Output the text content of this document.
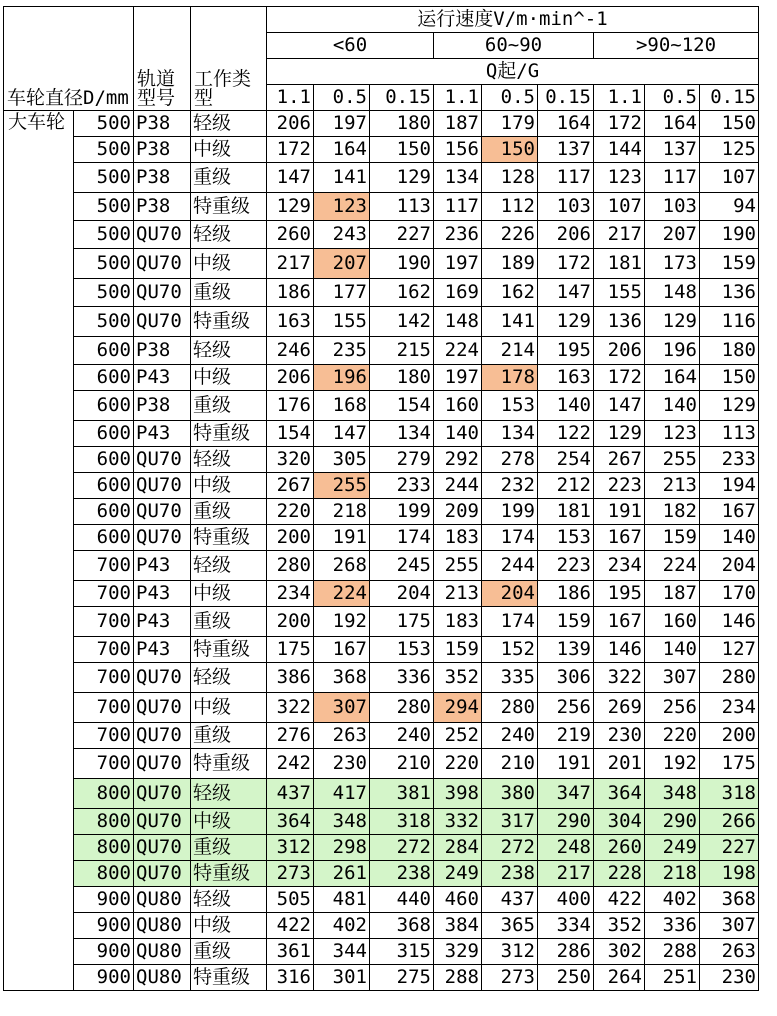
车轮直径D/mm		轨道型号	工作类型	运行速度V/m·min^-1								
				<60			60~90			>90~120		
				Q起/G								
				1.1	0.5	0.15	1.1	0.5	0.15	1.1	0.5	0.15
大车轮	500	P38	轻级	206	197	180	187	179	164	172	164	150
	500	P38	中级	172	164	150	156	150	137	144	137	125
	500	P38	重级	147	141	129	134	128	117	123	117	107
	500	P38	特重级	129	123	113	117	112	103	107	103	94
	500	QU70	轻级	260	243	227	236	226	206	217	207	190
	500	QU70	中级	217	207	190	197	189	172	181	173	159
	500	QU70	重级	186	177	162	169	162	147	155	148	136
	500	QU70	特重级	163	155	142	148	141	129	136	129	116
	600	P38	轻级	246	235	215	224	214	195	206	196	180
	600	P43	中级	206	196	180	197	178	163	172	164	150
	600	P38	重级	176	168	154	160	153	140	147	140	129
	600	P43	特重级	154	147	134	140	134	122	129	123	113
	600	QU70	轻级	320	305	279	292	278	254	267	255	233
	600	QU70	中级	267	255	233	244	232	212	223	213	194
	600	QU70	重级	220	218	199	209	199	181	191	182	167
	600	QU70	特重级	200	191	174	183	174	153	167	159	140
	700	P43	轻级	280	268	245	255	244	223	234	224	204
	700	P43	中级	234	224	204	213	204	186	195	187	170
	700	P43	重级	200	192	175	183	174	159	167	160	146
	700	P43	特重级	175	167	153	159	152	139	146	140	127
	700	QU70	轻级	386	368	336	352	335	306	322	307	280
	700	QU70	中级	322	307	280	294	280	256	269	256	234
	700	QU70	重级	276	263	240	252	240	219	230	220	200
	700	QU70	特重级	242	230	210	220	210	191	201	192	175
	800	QU70	轻级	437	417	381	398	380	347	364	348	318
	800	QU70	中级	364	348	318	332	317	290	304	290	266
	800	QU70	重级	312	298	272	284	272	248	260	249	227
	800	QU70	特重级	273	261	238	249	238	217	228	218	198
	900	QU80	轻级	505	481	440	460	437	400	422	402	368
	900	QU80	中级	422	402	368	384	365	334	352	336	307
	900	QU80	重级	361	344	315	329	312	286	302	288	263
	900	QU80	特重级	316	301	275	288	273	250	264	251	230
